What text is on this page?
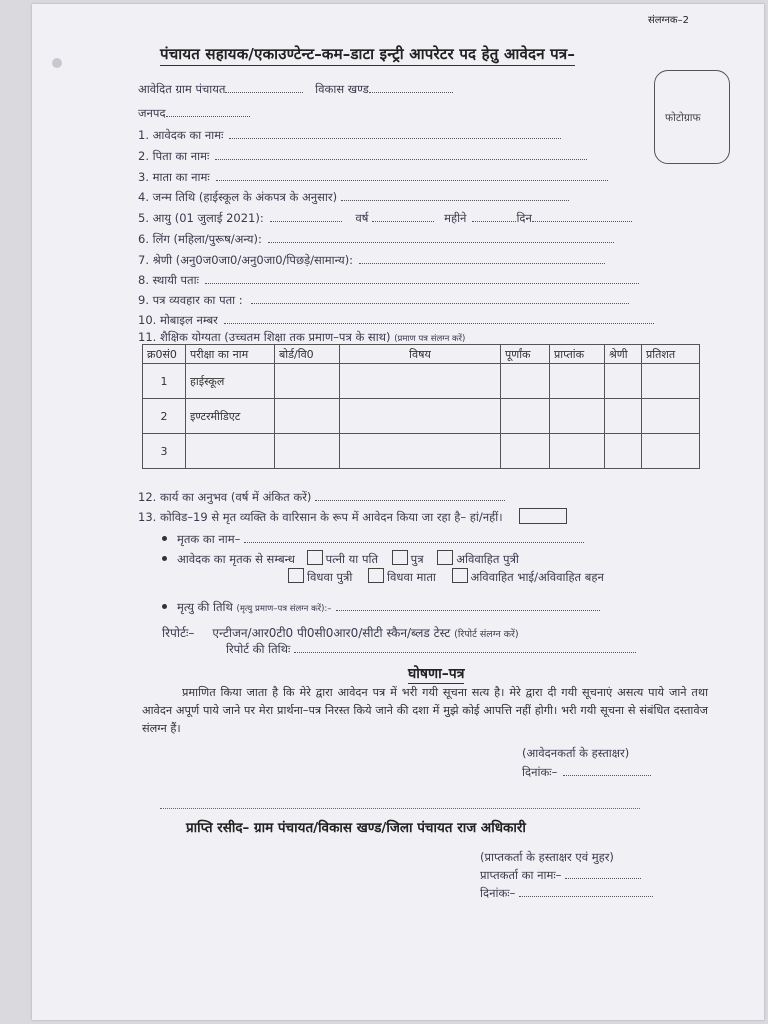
संलग्नक–2
पंचायत सहायक/एकाउण्टेन्ट–कम–डाटा इन्ट्री आपरेटर पद हेतु आवेदन पत्र–
फोटोग्राफ
आवेदित ग्राम पंचायत	विकास खण्ड
जनपद
1. आवेदक का नामः
2. पिता का नामः
3. माता का नामः
4. जन्म तिथि (हाईस्कूल के अंकपत्र के अनुसार)
5. आयु (01 जुलाई 2021):	वर्ष	महीने	दिन
6. लिंग (महिला/पुरूष/अन्य):
7. श्रेणी (अनु0ज0जा0/अनु0जा0/पिछड़े/सामान्य):
8. स्थायी पताः
9. पत्र व्यवहार का पता :
10. मोबाइल नम्बर
11. शैक्षिक योग्यता (उच्चतम शिक्षा तक प्रमाण–पत्र के साथ) (प्रमाण पत्र संलग्न करें)
क्र0सं0	परीक्षा का नाम	बोर्ड/वि0	विषय	पूर्णांक	प्राप्तांक	श्रेणी	प्रतिशत
1	हाईस्कूल						
2	इण्टरमीडिएट						
3							
12. कार्य का अनुभव (वर्ष में अंकित करें)
13. कोविड–19 से मृत व्यक्ति के वारिसान के रूप में आवेदन किया जा रहा है– हां/नहीं।
मृतक का नाम–
आवेदक का मृतक से सम्बन्ध	पत्नी या पति	पुत्र	अविवाहित पुत्री
विधवा पुत्री	विधवा माता	अविवाहित भाई/अविवाहित बहन
मृत्यु की तिथि (मृत्यु प्रमाण–पत्र संलग्न करें):–
रिपोर्टः– एन्टीजन/आर0टी0 पी0सी0आर0/सीटी स्कैन/ब्लड टेस्ट (रिपोर्ट संलग्न करें)
रिपोर्ट की तिथिः
घोषणा–पत्र
प्रमाणित किया जाता है कि मेरे द्वारा आवेदन पत्र में भरी गयी सूचना सत्य है। मेरे द्वारा दी गयी सूचनाएं असत्य पाये जाने तथा आवेदन अपूर्ण पाये जाने पर मेरा प्रार्थना–पत्र निरस्त किये जाने की दशा में मुझे कोई आपत्ति नहीं होगी। भरी गयी सूचना से संबंधित दस्तावेज संलग्न हैं।
(आवेदनकर्ता के हस्ताक्षर)
दिनांकः–
प्राप्ति रसीद– ग्राम पंचायत/विकास खण्ड/जिला पंचायत राज अधिकारी
(प्राप्तकर्ता के हस्ताक्षर एवं मुहर)
प्राप्तकर्ता का नामः–
दिनांकः–
